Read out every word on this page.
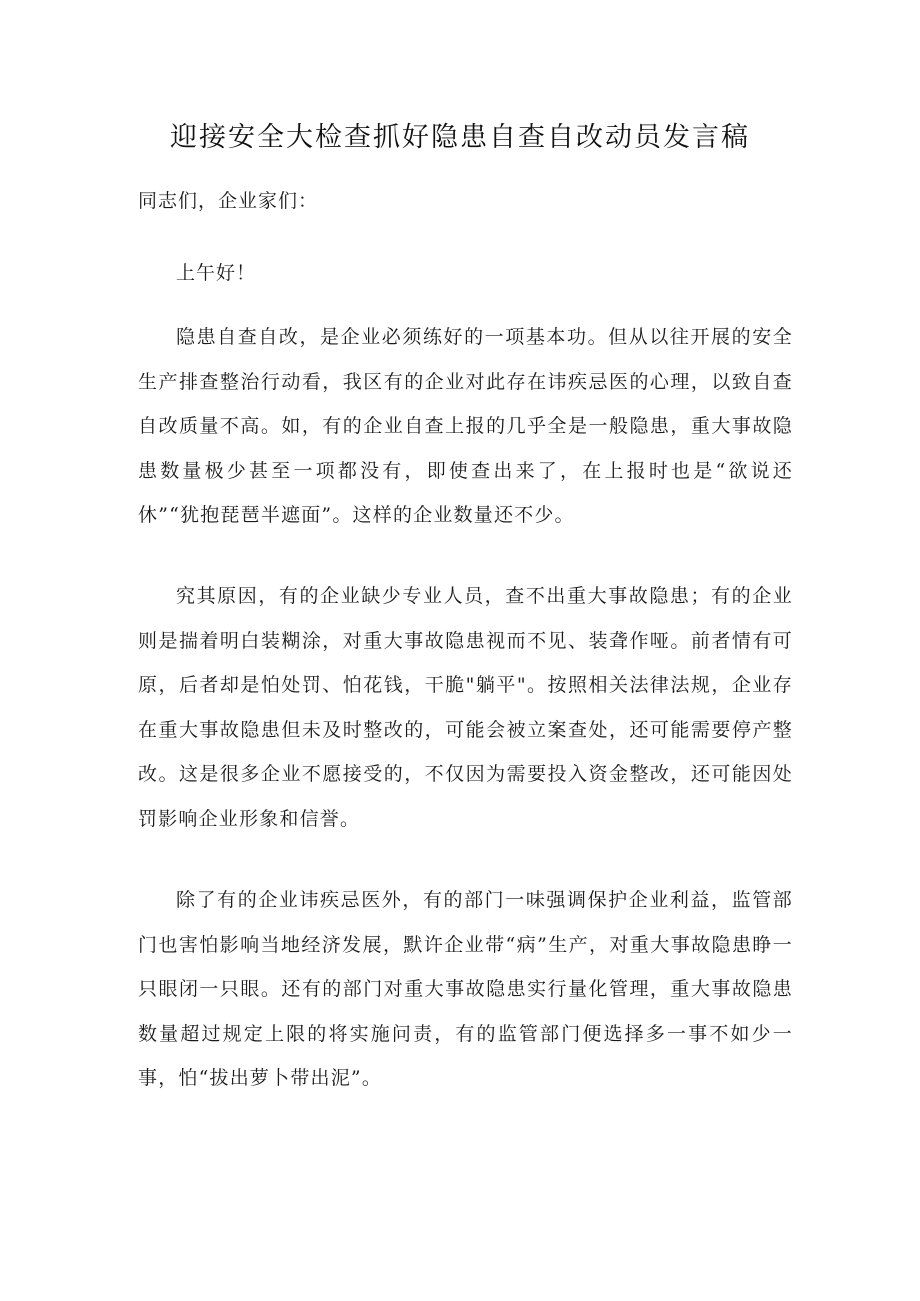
迎接安全大检查抓好隐患自查自改动员发言稿
同志们，企业家们：
上午好！

隐患自查自改，是企业必须练好的一项基本功。但从以往开展的安全生产排查整治行动看，我区有的企业对此存在讳疾忌医的心理，以致自查自改质量不高。如，有的企业自查上报的几乎全是一般隐患，重大事故隐患数量极少甚至一项都没有，即使查出来了，在上报时也是“欲说还休”“犹抱琵琶半遮面”。这样的企业数量还不少。

究其原因，有的企业缺少专业人员，查不出重大事故隐患；有的企业则是揣着明白装糊涂，对重大事故隐患视而不见、装聋作哑。前者情有可原，后者却是怕处罚、怕花钱，干脆"躺平"。按照相关法律法规，企业存在重大事故隐患但未及时整改的，可能会被立案查处，还可能需要停产整改。这是很多企业不愿接受的，不仅因为需要投入资金整改，还可能因处罚影响企业形象和信誉。

除了有的企业讳疾忌医外，有的部门一味强调保护企业利益，监管部门也害怕影响当地经济发展，默许企业带“病”生产，对重大事故隐患睁一只眼闭一只眼。还有的部门对重大事故隐患实行量化管理，重大事故隐患数量超过规定上限的将实施问责，有的监管部门便选择多一事不如少一事，怕“拔出萝卜带出泥”。
